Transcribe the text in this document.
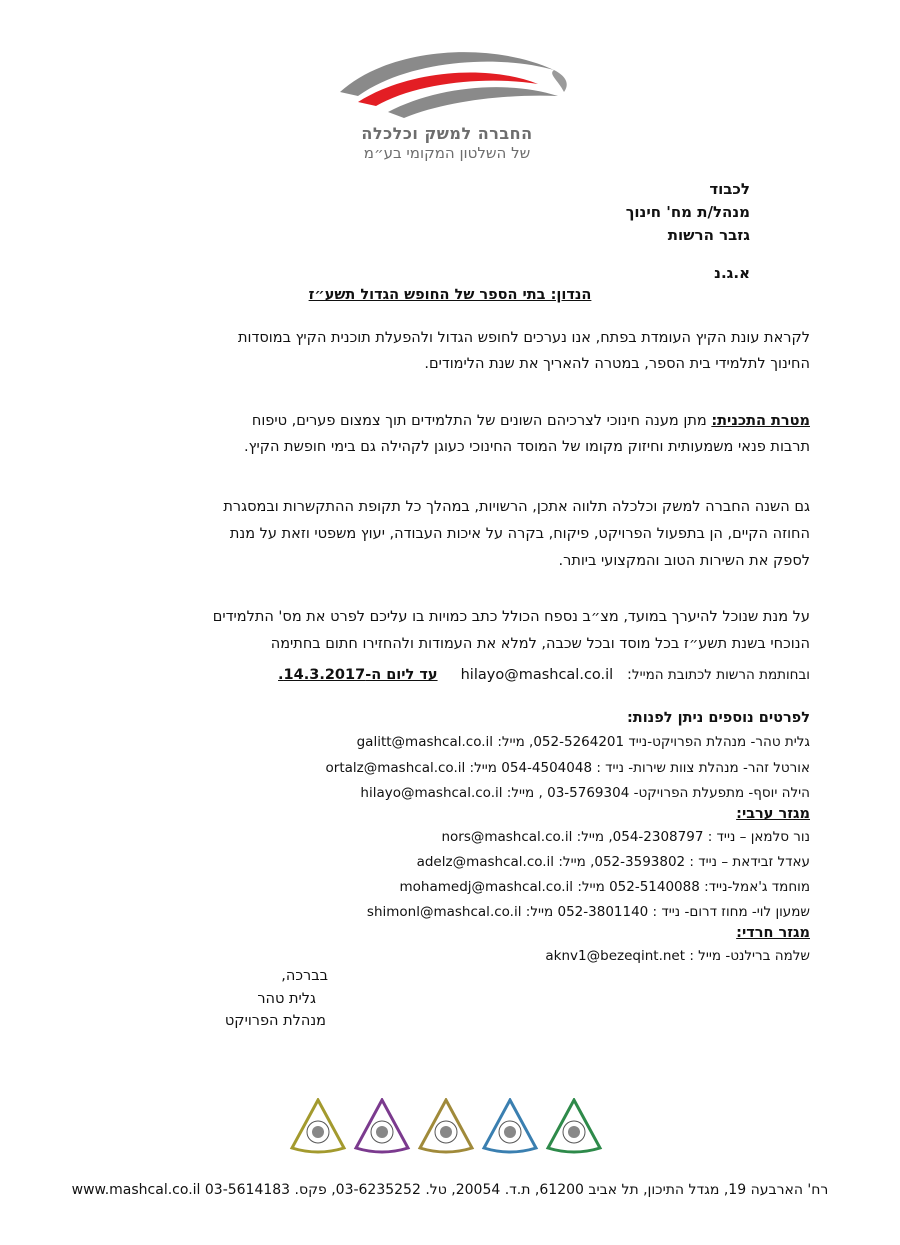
החברה למשק וכלכלה
של השלטון המקומי בע״מ
לכבוד
מנהל/ת מח' חינוך
גזבר הרשות
א.ג.נ
הנדון: בתי הספר של החופש הגדול תשע״ז
לקראת עונת הקיץ העומדת בפתח, אנו נערכים לחופש הגדול ולהפעלת תוכנית הקיץ במוסדות
החינוך לתלמידי בית הספר, במטרה להאריך את שנת הלימודים.
מטרת התכנית: מתן מענה חינוכי לצרכיהם השונים של התלמידים תוך צמצום פערים, טיפוח
תרבות פנאי משמעותית וחיזוק מקומו של המוסד החינוכי כעוגן לקהילה גם בימי חופשת הקיץ.
גם השנה החברה למשק וכלכלה תלווה אתכן, הרשויות, במהלך כל תקופת ההתקשרות ובמסגרת
החוזה הקיים, הן בתפעול הפרויקט, פיקוח, בקרה על איכות העבודה, יעוץ משפטי וזאת על מנת
לספק את השירות הטוב והמקצועי ביותר.
על מנת שנוכל להיערך במועד, מצ״ב נספח הכולל כתב כמויות בו עליכם לפרט את מס' התלמידים
הנוכחי בשנת תשע״ז בכל מוסד ובכל שכבה, למלא את העמודות ולהחזירו חתום בחתימה
ובחותמת הרשות לכתובת המייל:   hilayo@mashcal.co.il     עד ליום ה-14.3.2017.
לפרטים נוספים ניתן לפנות:
גלית טהר- מנהלת הפרויקט-נייד 052-5264201, מייל: galitt@mashcal.co.il
אורטל זהר- מנהלת צוות שירות- נייד : 054-4504048 מייל: ortalz@mashcal.co.il
הילה יוסף- מתפעלת הפרויקט- 03-5769304 , מייל: hilayo@mashcal.co.il
מגזר ערבי:
נור סלמאן – נייד : 054-2308797, מייל: nors@mashcal.co.il
עאדל זבידאת – נייד : 052-3593802, מייל: adelz@mashcal.co.il
מוחמד ג'אמל-נייד: 052-5140088 מייל: mohamedj@mashcal.co.il
שמעון לוי- מחוז דרום- נייד : 052-3801140 מייל: shimonl@mashcal.co.il
מגזר חרדי:
שלמה ברילנט- מייל : aknv1@bezeqint.net
בברכה,
גלית טהר
מנהלת הפרויקט
רח' הארבעה 19, מגדל התיכון, תל אביב 61200, ת.ד. 20054, טל. 03-6235252, פקס. 03-5614183 www.mashcal.co.il
